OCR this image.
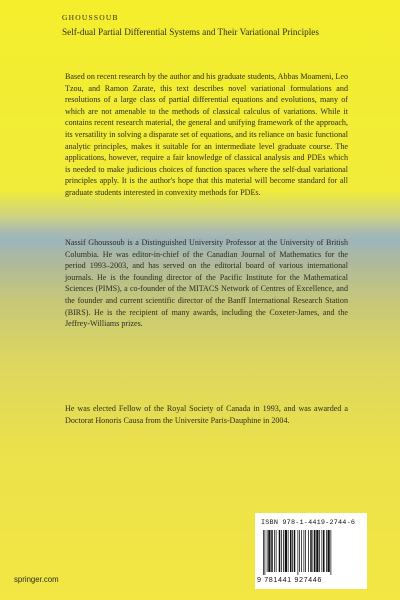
GHOUSSOUB
Self-dual Partial Differential Systems and Their Variational Principles
Based on recent research by the author and his graduate students, Abbas Moameni, Leo Tzou, and Ramon Zarate, this text describes novel variational formulations and resolutions of a large class of partial differential equations and evolutions, many of which are not amenable to the methods of classical calculus of variations. While it contains recent research material, the general and unifying framework of the approach, its versatility in solving a disparate set of equations, and its reliance on basic functional analytic principles, makes it suitable for an intermediate level graduate course. The applications, however, require a fair knowledge of classical analysis and PDEs which is needed to make judicious choices of function spaces where the self-dual variational principles apply. It is the author's hope that this material will become standard for all graduate students interested in convexity methods for PDEs.
Nassif Ghoussoub is a Distinguished University Professor at the University of British Columbia. He was editor-in-chief of the Canadian Journal of Mathematics for the period 1993–2003, and has served on the editorial board of various international journals. He is the founding director of the Pacific Institute for the Mathematical Sciences (PIMS), a co-founder of the MITACS Network of Centres of Excellence, and the founder and current scientific director of the Banff International Research Station (BIRS). He is the recipient of many awards, including the Coxeter-James, and the Jeffrey-Williams prizes.
He was elected Fellow of the Royal Society of Canada in 1993, and was awarded a Doctorat Honoris Causa from the Universite Paris-Dauphine in 2004.
ISBN 978-1-4419-2744-6
9 781441 927446
springer.com
